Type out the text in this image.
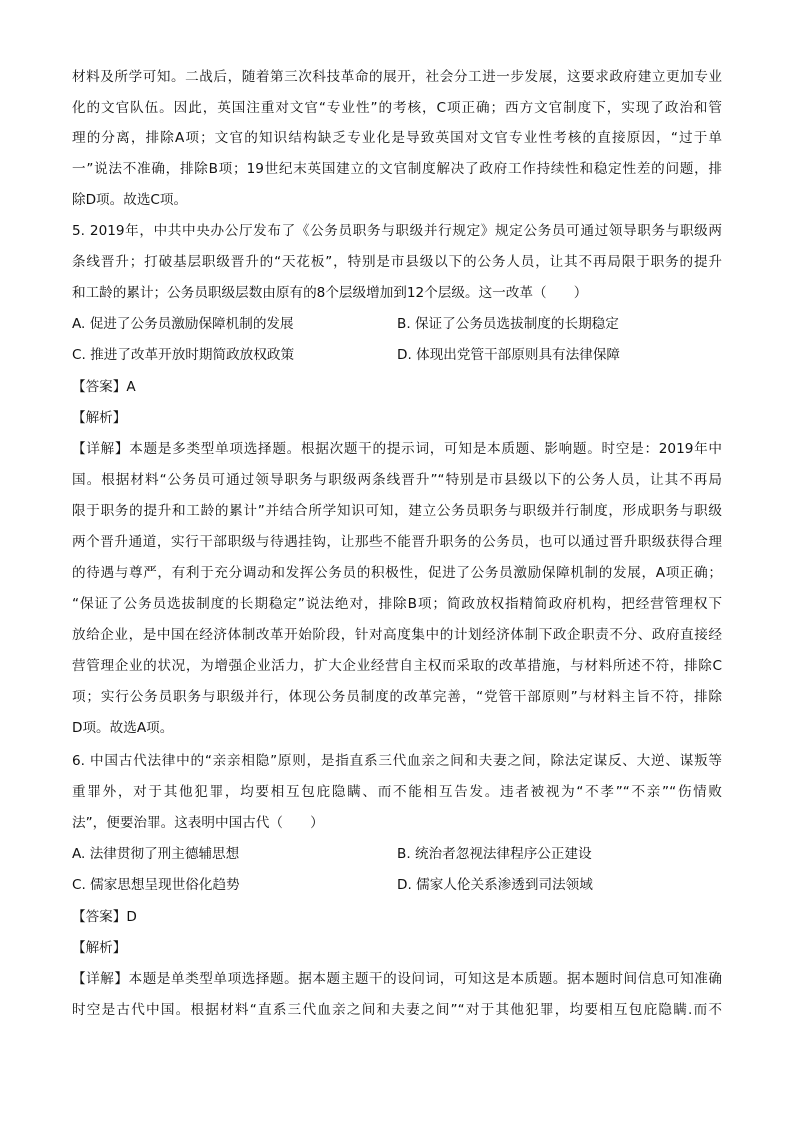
材料及所学可知。二战后，随着第三次科技革命的展开，社会分工进一步发展，这要求政府建立更加专业
化的文官队伍。因此，英国注重对文官“专业性”的考核，C项正确；西方文官制度下，实现了政治和管
理的分离，排除A项；文官的知识结构缺乏专业化是导致英国对文官专业性考核的直接原因，“过于单
一”说法不准确，排除B项；19世纪末英国建立的文官制度解决了政府工作持续性和稳定性差的问题，排
除D项。故选C项。
5. 2019年，中共中央办公厅发布了《公务员职务与职级并行规定》规定公务员可通过领导职务与职级两
条线晋升；打破基层职级晋升的“天花板”，特别是市县级以下的公务人员，让其不再局限于职务的提升
和工龄的累计；公务员职级层数由原有的8个层级增加到12个层级。这一改革（　　）
A. 促进了公务员激励保障机制的发展	B. 保证了公务员选拔制度的长期稳定
C. 推进了改革开放时期简政放权政策	D. 体现出党管干部原则具有法律保障
【答案】A
【解析】
【详解】本题是多类型单项选择题。根据次题干的提示词，可知是本质题、影响题。时空是：2019年中
国。根据材料“公务员可通过领导职务与职级两条线晋升”“特别是市县级以下的公务人员，让其不再局
限于职务的提升和工龄的累计”并结合所学知识可知，建立公务员职务与职级并行制度，形成职务与职级
两个晋升通道，实行干部职级与待遇挂钩，让那些不能晋升职务的公务员，也可以通过晋升职级获得合理
的待遇与尊严，有利于充分调动和发挥公务员的积极性，促进了公务员激励保障机制的发展，A项正确；
“保证了公务员选拔制度的长期稳定”说法绝对，排除B项；简政放权指精简政府机构，把经营管理权下
放给企业，是中国在经济体制改革开始阶段，针对高度集中的计划经济体制下政企职责不分、政府直接经
营管理企业的状况，为增强企业活力，扩大企业经营自主权而采取的改革措施，与材料所述不符，排除C
项；实行公务员职务与职级并行，体现公务员制度的改革完善，“党管干部原则”与材料主旨不符，排除
D项。故选A项。
6. 中国古代法律中的“亲亲相隐”原则，是指直系三代血亲之间和夫妻之间，除法定谋反、大逆、谋叛等
重罪外，对于其他犯罪，均要相互包庇隐瞒、而不能相互告发。违者被视为“不孝”“不亲”“伤情败
法”，便要治罪。这表明中国古代（　　）
A. 法律贯彻了刑主德辅思想	B. 统治者忽视法律程序公正建设
C. 儒家思想呈现世俗化趋势	D. 儒家人伦关系渗透到司法领域
【答案】D
【解析】
【详解】本题是单类型单项选择题。据本题主题干的设问词，可知这是本质题。据本题时间信息可知准确
时空是古代中国。根据材料“直系三代血亲之间和夫妻之间”“对于其他犯罪，均要相互包庇隐瞒.而不
